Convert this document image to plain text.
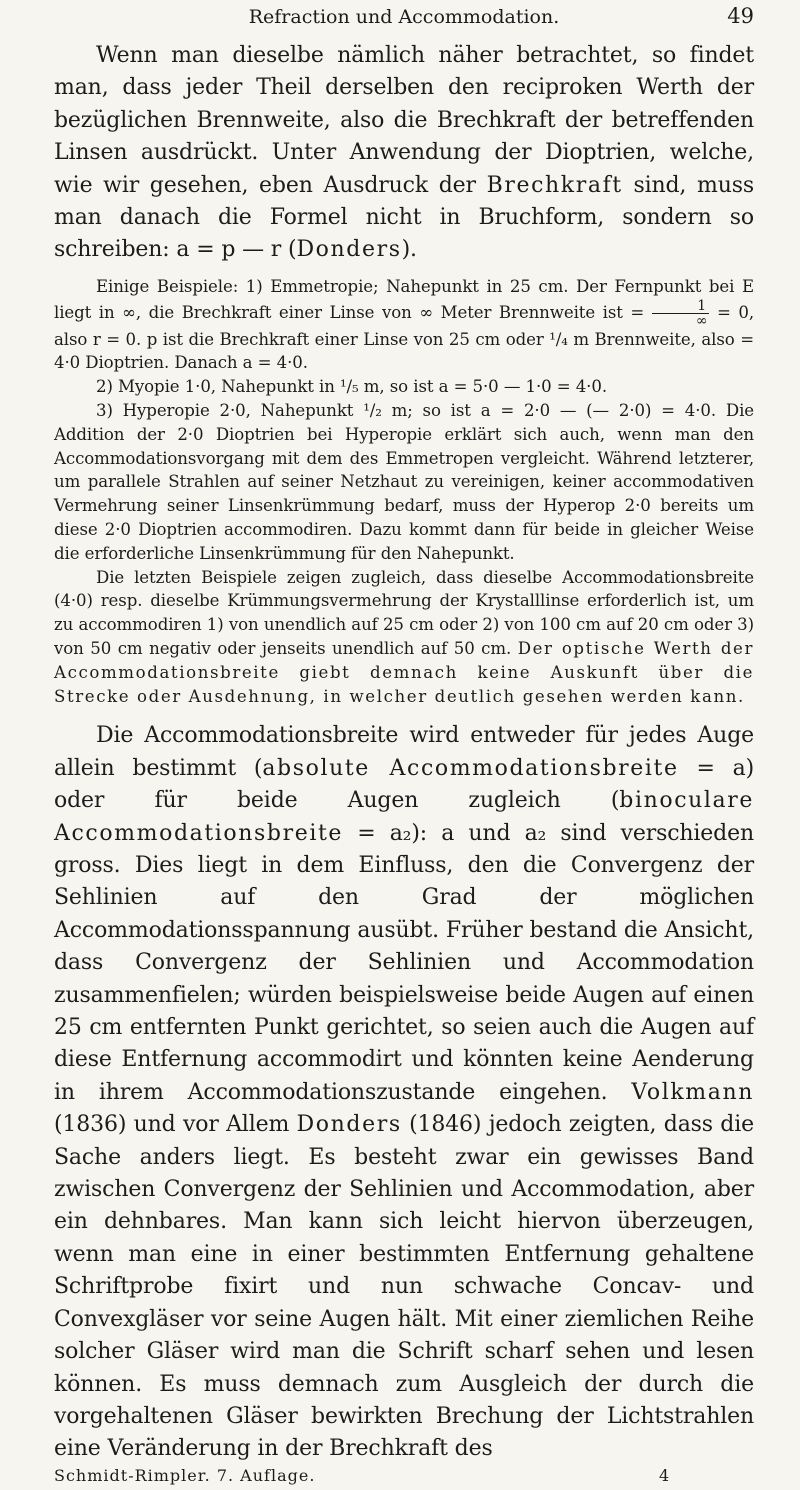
Refraction und Accommodation.	49

Wenn man dieselbe nämlich näher betrachtet, so findet man, dass jeder Theil derselben den reciproken Werth der bezüglichen Brennweite, also die Brechkraft der betreffenden Linsen ausdrückt. Unter Anwendung der Dioptrien, welche, wie wir gesehen, eben Ausdruck der Brechkraft sind, muss man danach die Formel nicht in Bruchform, sondern so schreiben: a = p — r (Donders).

Einige Beispiele: 1) Emmetropie; Nahepunkt in 25 cm. Der Fernpunkt bei E liegt in ∞, die Brechkraft einer Linse von ∞ Meter Brennweite ist = $\frac{1}{\infty} = 0$, also r = 0. p ist die Brechkraft einer Linse von 25 cm oder ¹/₄ m Brennweite, also = 4·0 Dioptrien. Danach a = 4·0.

2) Myopie 1·0, Nahepunkt in ¹/₅ m, so ist a = 5·0 — 1·0 = 4·0.

3) Hyperopie 2·0, Nahepunkt ¹/₂ m; so ist a = 2·0 — (— 2·0) = 4·0. Die Addition der 2·0 Dioptrien bei Hyperopie erklärt sich auch, wenn man den Accommodationsvorgang mit dem des Emmetropen vergleicht. Während letzterer, um parallele Strahlen auf seiner Netzhaut zu vereinigen, keiner accommodativen Vermehrung seiner Linsenkrümmung bedarf, muss der Hyperop 2·0 bereits um diese 2·0 Dioptrien accommodiren. Dazu kommt dann für beide in gleicher Weise die erforderliche Linsenkrümmung für den Nahepunkt.

Die letzten Beispiele zeigen zugleich, dass dieselbe Accommodationsbreite (4·0) resp. dieselbe Krümmungsvermehrung der Krystalllinse erforderlich ist, um zu accommodiren 1) von unendlich auf 25 cm oder 2) von 100 cm auf 20 cm oder 3) von 50 cm negativ oder jenseits unendlich auf 50 cm. Der optische Werth der Accommodationsbreite giebt demnach keine Auskunft über die Strecke oder Ausdehnung, in welcher deutlich gesehen werden kann.

Die Accommodationsbreite wird entweder für jedes Auge allein bestimmt (absolute Accommodationsbreite = a) oder für beide Augen zugleich (binoculare Accommodationsbreite = a₂): a und a₂ sind verschieden gross. Dies liegt in dem Einfluss, den die Convergenz der Sehlinien auf den Grad der möglichen Accommodationsspannung ausübt. Früher bestand die Ansicht, dass Convergenz der Sehlinien und Accommodation zusammenfielen; würden beispielsweise beide Augen auf einen 25 cm entfernten Punkt gerichtet, so seien auch die Augen auf diese Entfernung accommodirt und könnten keine Aenderung in ihrem Accommodationszustande eingehen. Volkmann (1836) und vor Allem Donders (1846) jedoch zeigten, dass die Sache anders liegt. Es besteht zwar ein gewisses Band zwischen Convergenz der Sehlinien und Accommodation, aber ein dehnbares. Man kann sich leicht hiervon überzeugen, wenn man eine in einer bestimmten Entfernung gehaltene Schriftprobe fixirt und nun schwache Concav- und Convexgläser vor seine Augen hält. Mit einer ziemlichen Reihe solcher Gläser wird man die Schrift scharf sehen und lesen können. Es muss demnach zum Ausgleich der durch die vorgehaltenen Gläser bewirkten Brechung der Lichtstrahlen eine Veränderung in der Brechkraft des

Schmidt-Rimpler. 7. Auflage.	4
